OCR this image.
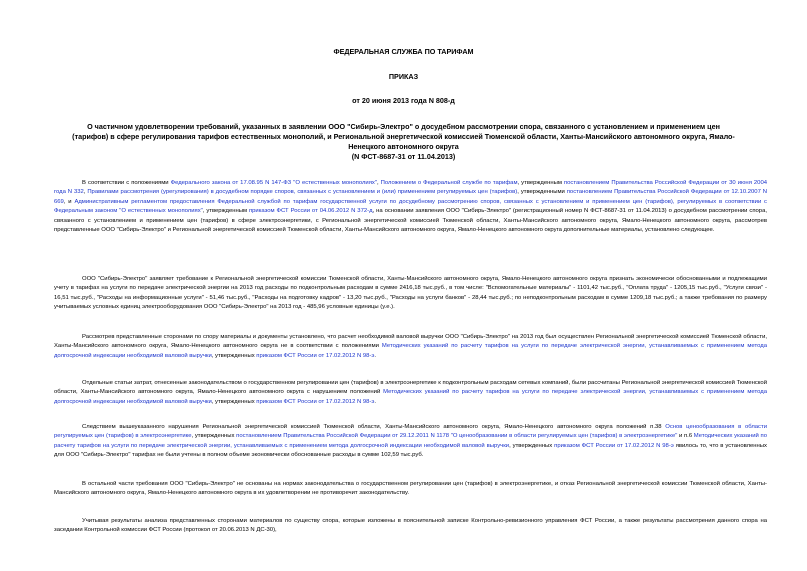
ФЕДЕРАЛЬНАЯ СЛУЖБА ПО ТАРИФАМ
ПРИКАЗ
от 20 июня 2013 года N 808-д
О частичном удовлетворении требований, указанных в заявлении ООО "Сибирь-Электро" о досудебном рассмотрении спора, связанного с установлением и применением цен (тарифов) в сфере регулирования тарифов естественных монополий, и Региональной энергетической комиссией Тюменской области, Ханты-Мансийского автономного округа, Ямало-Ненецкого автономного округа
(N ФСТ-8687-31 от 11.04.2013)
В соответствии с положениями Федерального закона от 17.08.95 N 147-ФЗ "О естественных монополиях", Положением о Федеральной службе по тарифам, утвержденным постановлением Правительства Российской Федерации от 30 июня 2004 года N 332, Правилами рассмотрения (урегулирования) в досудебном порядке споров, связанных с установлением и (или) применением регулируемых цен (тарифов), утвержденными постановлением Правительства Российской Федерации от 12.10.2007 N 669, и Административным регламентом предоставления Федеральной службой по тарифам государственной услуги по досудебному рассмотрению споров, связанных с установлением и применением цен (тарифов), регулируемых в соответствии с Федеральным законом "О естественных монополиях", утвержденным приказом ФСТ России от 04.06.2012 N 372-д, на основании заявления ООО "Сибирь-Электро" (регистрационный номер N ФСТ-8687-31 от 11.04.2013) о досудебном рассмотрении спора, связанного с установлением и применением цен (тарифов) в сфере электроэнергетики, с Региональной энергетической комиссией Тюменской области, Ханты-Мансийского автономного округа, Ямало-Ненецкого автономного округа, рассмотрев представленные ООО "Сибирь-Электро" и Региональной энергетической комиссией Тюменской области, Ханты-Мансийского автономного округа, Ямало-Ненецкого автономного округа дополнительные материалы, установлено следующее.
ООО "Сибирь-Электро" заявляет требование к Региональной энергетической комиссии Тюменской области, Ханты-Мансийского автономного округа, Ямало-Ненецкого автономного округа признать экономически обоснованными и подлежащими учету в тарифах на услуги по передаче электрической энергии на 2013 год расходы по подконтрольным расходам в сумме 2416,18 тыс.руб., в том числе: "Вспомогательные материалы" - 1101,42 тыс.руб., "Оплата труда" - 1205,15 тыс.руб., "Услуги связи" - 16,51 тыс.руб., "Расходы на информационные услуги" - 51,46 тыс.руб., "Расходы на подготовку кадров" - 13,20 тыс.руб., "Расходы на услуги банков" - 28,44 тыс.руб.; по неподконтрольным расходам в сумме 1209,18 тыс.руб.; а также требования по размеру учитываемых условных единиц электрооборудования ООО "Сибирь-Электро" на 2013 год - 485,96 условные единицы (у.е.).
Рассмотрев представленные сторонами по спору материалы и документы установлено, что расчет необходимой валовой выручки ООО "Сибирь-Электро" на 2013 год был осуществлен Региональной энергетической комиссией Тюменской области, Ханты-Мансийского автономного округа, Ямало-Ненецкого автономного округа не в соответствии с положениями Методических указаний по расчету тарифов на услуги по передаче электрической энергии, устанавливаемых с применением метода долгосрочной индексации необходимой валовой выручки, утвержденных приказом ФСТ России от 17.02.2012 N 98-э.
Отдельные статьи затрат, отнесенные законодательством о государственном регулировании цен (тарифов) в электроэнергетике к подконтрольным расходам сетевых компаний, были рассчитаны Региональной энергетической комиссией Тюменской области, Ханты-Мансийского автономного округа, Ямало-Ненецкого автономного округа с нарушением положений Методических указаний по расчету тарифов на услуги по передаче электрической энергии, устанавливаемых с применением метода долгосрочной индексации необходимой валовой выручки, утвержденных приказом ФСТ России от 17.02.2012 N 98-э.
Следствием вышеуказанного нарушения Региональной энергетической комиссией Тюменской области, Ханты-Мансийского автономного округа, Ямало-Ненецкого автономного округа положений п.38 Основ ценообразования в области регулируемых цен (тарифов) в электроэнергетике, утвержденных постановлением Правительства Российской Федерации от 29.12.2011 N 1178 "О ценообразовании в области регулируемых цен (тарифов) в электроэнергетике" и п.6 Методических указаний по расчету тарифов на услуги по передаче электрической энергии, устанавливаемых с применением метода долгосрочной индексации необходимой валовой выручки, утвержденных приказом ФСТ России от 17.02.2012 N 98-э явилось то, что в установленных для ООО "Сибирь-Электро" тарифах не были учтены в полном объеме экономически обоснованные расходы в сумме 102,59 тыс.руб.
В остальной части требования ООО "Сибирь-Электро" не основаны на нормах законодательства о государственном регулировании цен (тарифов) в электроэнергетике, и отказ Региональной энергетической комиссии Тюменской области, Ханты-Мансийского автономного округа, Ямало-Ненецкого автономного округа в их удовлетворении не противоречит законодательству.
Учитывая результаты анализа представленных сторонами материалов по существу спора, которые изложены в пояснительной записке Контрольно-ревизионного управления ФСТ России, а также результаты рассмотрения данного спора на заседании Контрольной комиссии ФСТ России (протокол от 20.06.2013 N ДС-30),
